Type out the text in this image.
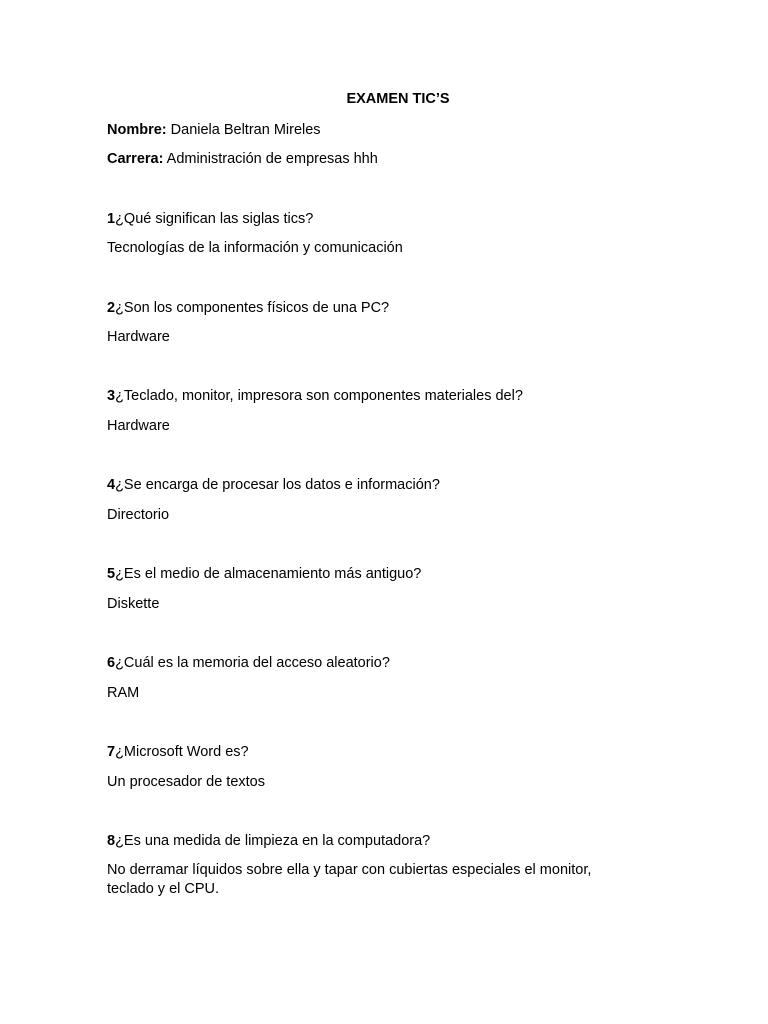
EXAMEN TIC’S
Nombre: Daniela Beltran Mireles
Carrera: Administración de empresas hhh
1¿Qué significan las siglas tics?
Tecnologías de la información y comunicación
2¿Son los componentes físicos de una PC?
Hardware
3¿Teclado, monitor, impresora son componentes materiales del?
Hardware
4¿Se encarga de procesar los datos e información?
Directorio
5¿Es el medio de almacenamiento más antiguo?
Diskette
6¿Cuál es la memoria del acceso aleatorio?
RAM
7¿Microsoft Word es?
Un procesador de textos
8¿Es una medida de limpieza en la computadora?
No derramar líquidos sobre ella y tapar con cubiertas especiales el monitor, teclado y el CPU.
